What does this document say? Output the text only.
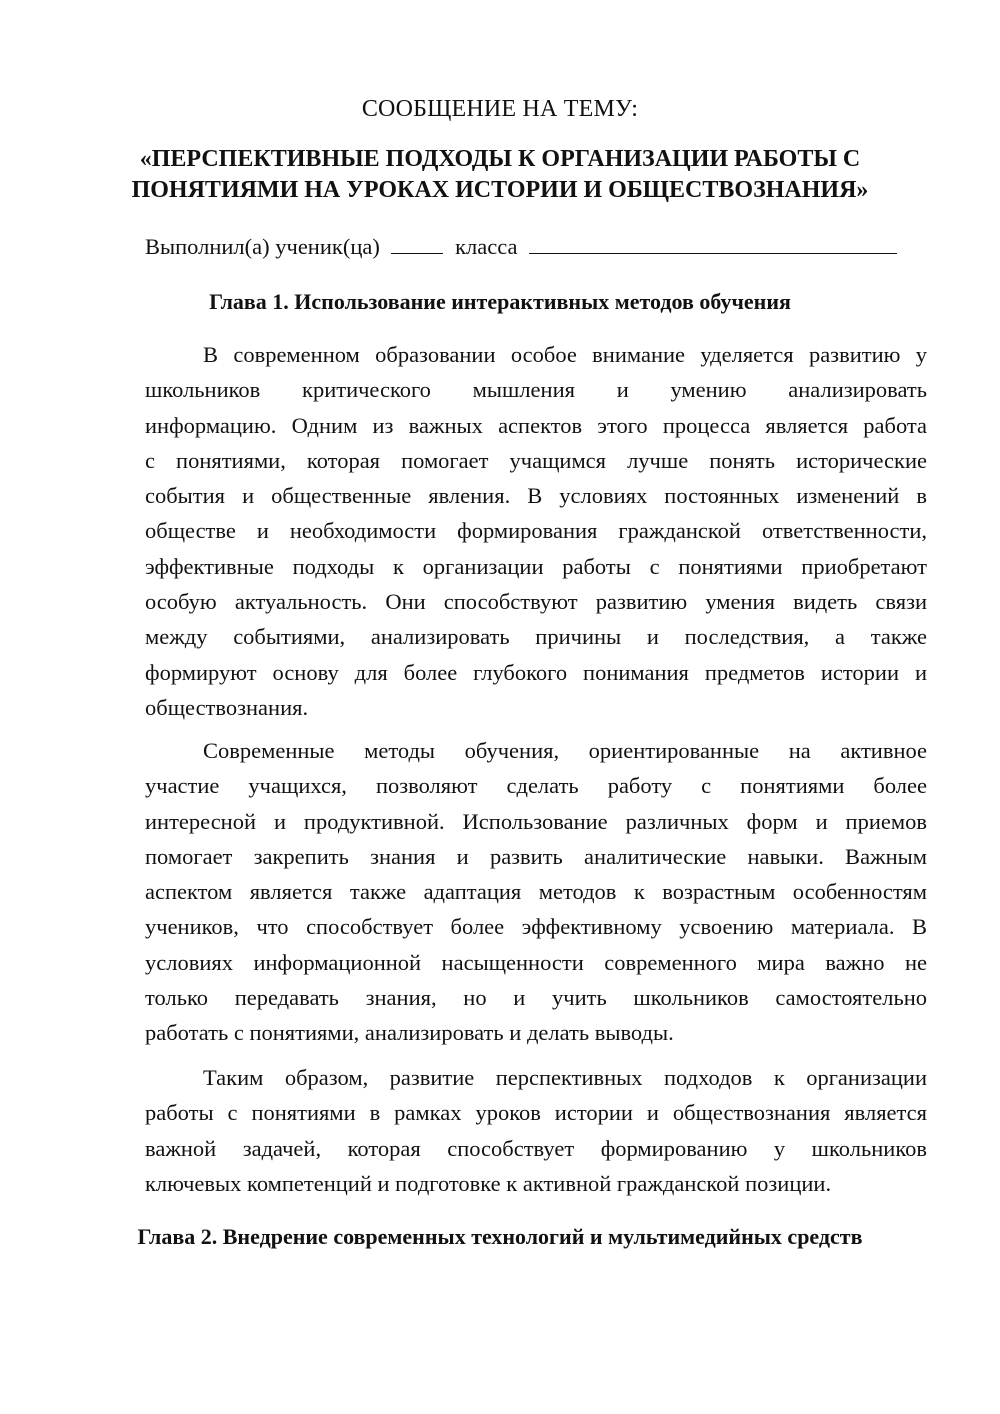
СООБЩЕНИЕ НА ТЕМУ:
«ПЕРСПЕКТИВНЫЕ ПОДХОДЫ К ОРГАНИЗАЦИИ РАБОТЫ С
ПОНЯТИЯМИ НА УРОКАХ ИСТОРИИ И ОБЩЕСТВОЗНАНИЯ»
Выполнил(а) ученик(ца)	класса
Глава 1. Использование интерактивных методов обучения
В современном образовании особое внимание уделяется развитию у
школьников критического мышления и умению анализировать
информацию. Одним из важных аспектов этого процесса является работа
с понятиями, которая помогает учащимся лучше понять исторические
события и общественные явления. В условиях постоянных изменений в
обществе и необходимости формирования гражданской ответственности,
эффективные подходы к организации работы с понятиями приобретают
особую актуальность. Они способствуют развитию умения видеть связи
между событиями, анализировать причины и последствия, а также
формируют основу для более глубокого понимания предметов истории и
обществознания.
Современные методы обучения, ориентированные на активное
участие учащихся, позволяют сделать работу с понятиями более
интересной и продуктивной. Использование различных форм и приемов
помогает закрепить знания и развить аналитические навыки. Важным
аспектом является также адаптация методов к возрастным особенностям
учеников, что способствует более эффективному усвоению материала. В
условиях информационной насыщенности современного мира важно не
только передавать знания, но и учить школьников самостоятельно
работать с понятиями, анализировать и делать выводы.
Таким образом, развитие перспективных подходов к организации
работы с понятиями в рамках уроков истории и обществознания является
важной задачей, которая способствует формированию у школьников
ключевых компетенций и подготовке к активной гражданской позиции.
Глава 2. Внедрение современных технологий и мультимедийных средств
